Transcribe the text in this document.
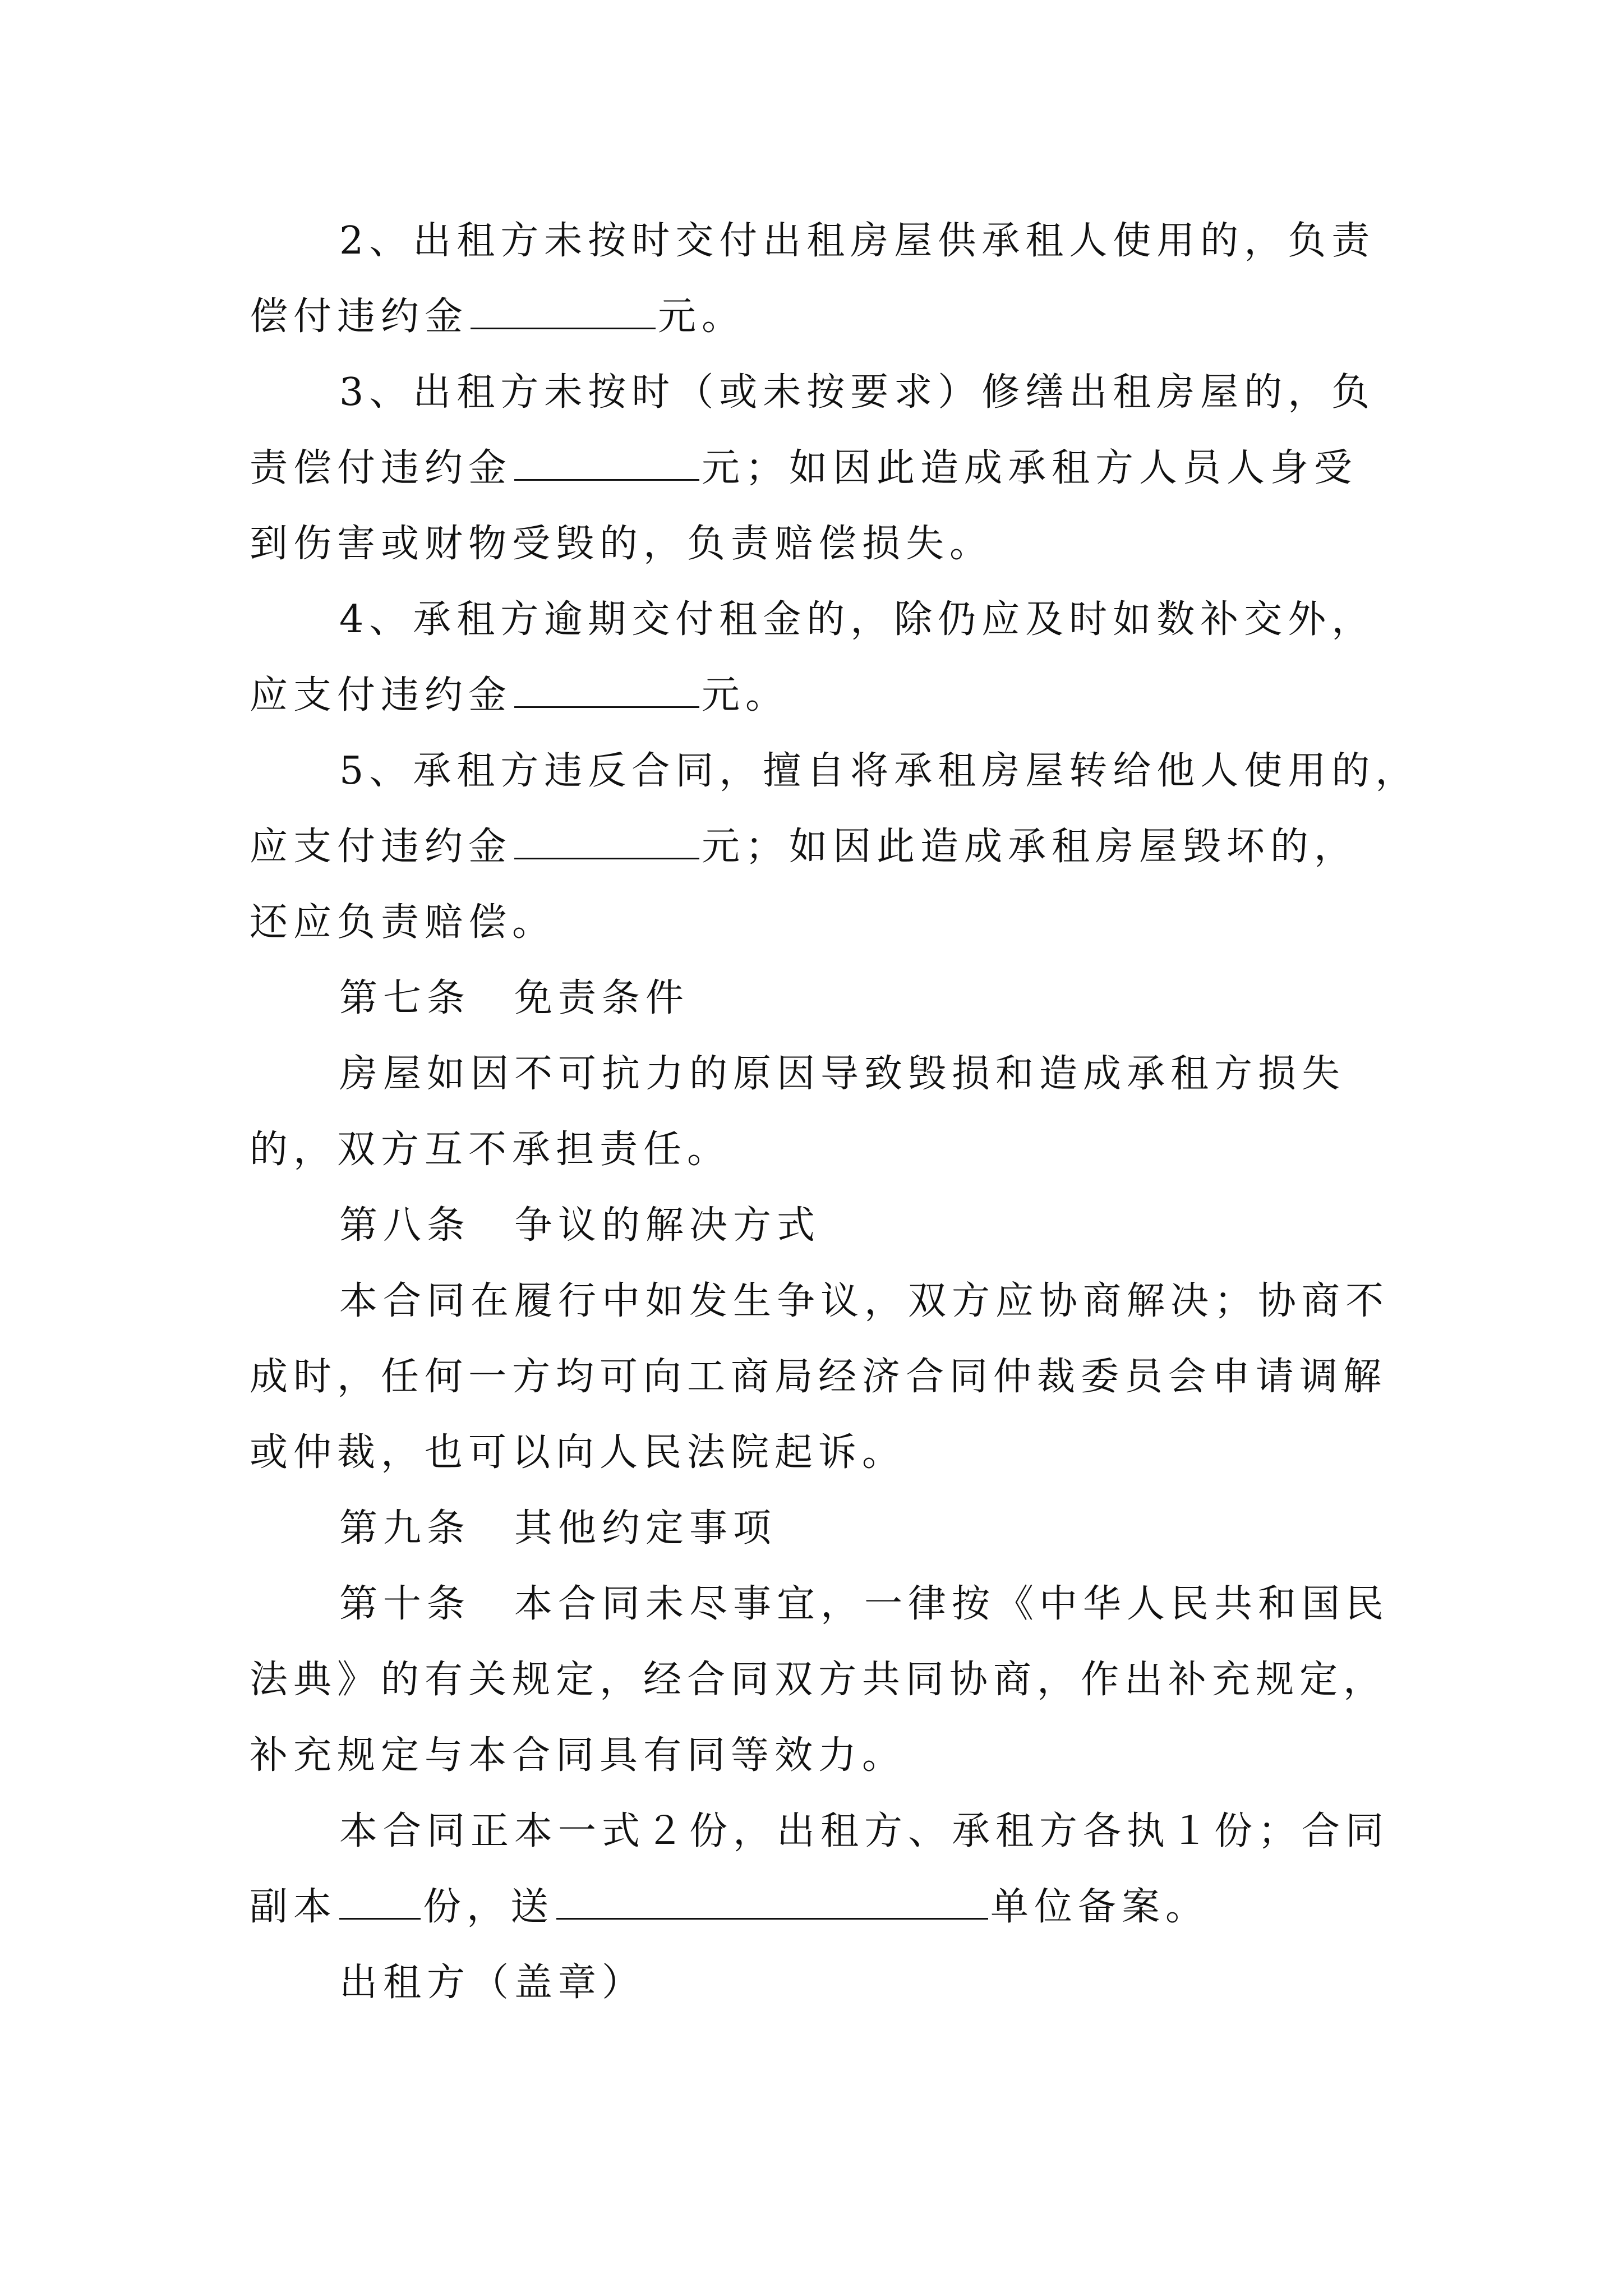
2、出租方未按时交付出租房屋供承租人使用的，负责
偿付违约金	元。
3、出租方未按时（或未按要求）修缮出租房屋的，负
责偿付违约金	元；如因此造成承租方人员人身受
到伤害或财物受毁的，负责赔偿损失。
4、承租方逾期交付租金的，除仍应及时如数补交外，
应支付违约金	元。
5、承租方违反合同，擅自将承租房屋转给他人使用的，
应支付违约金	元；如因此造成承租房屋毁坏的，
还应负责赔偿。
第七条　免责条件
房屋如因不可抗力的原因导致毁损和造成承租方损失
的，双方互不承担责任。
第八条　争议的解决方式
本合同在履行中如发生争议，双方应协商解决；协商不
成时，任何一方均可向工商局经济合同仲裁委员会申请调解
或仲裁，也可以向人民法院起诉。
第九条　其他约定事项
第十条　本合同未尽事宜，一律按《中华人民共和国民
法典》的有关规定，经合同双方共同协商，作出补充规定，
补充规定与本合同具有同等效力。
本合同正本一式２份，出租方、承租方各执１份；合同
副本 份，送	单位备案。
出租方（盖章）
